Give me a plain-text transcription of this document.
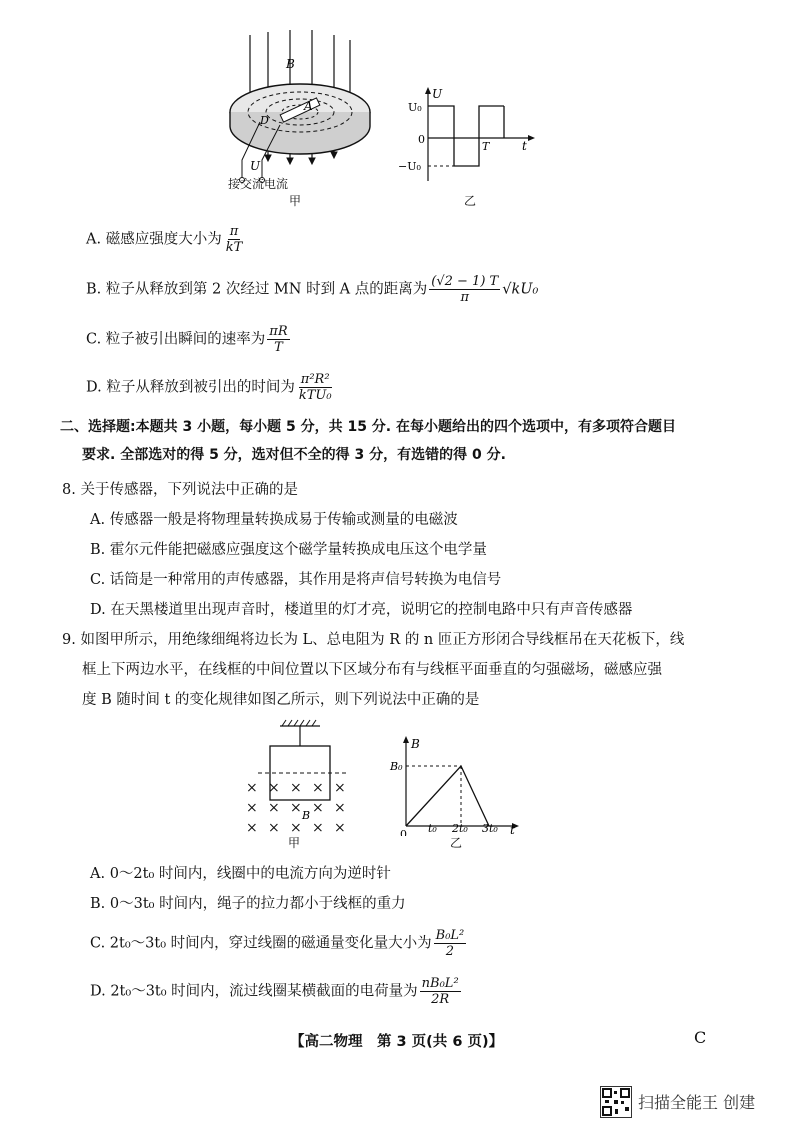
B
A
D
U
接交流电流
甲
U
t
U₀
−U₀
0
T
乙
A. 磁感应强度大小为 $\frac{\pi}{kT}$
B. 粒子从释放到第 2 次经过 MN 时到 A 点的距离为 $\frac{(√2 - 1) T}{\pi} √kU_0$
C. 粒子被引出瞬间的速率为 $\frac{\pi R}{T}$
D. 粒子从释放到被引出的时间为 $\frac{\text{π²R²}}{\text{kTU₀}}$
二、选择题:本题共 3 小题，每小题 5 分，共 15 分. 在每小题给出的四个选项中，有多项符合题目
要求. 全部选对的得 5 分，选对但不全的得 3 分，有选错的得 0 分.
8. 关于传感器，下列说法中正确的是
A. 传感器一般是将物理量转换成易于传输或测量的电磁波
B. 霍尔元件能把磁感应强度这个磁学量转换成电压这个电学量
C. 话筒是一种常用的声传感器，其作用是将声信号转换为电信号
D. 在天黑楼道里出现声音时，楼道里的灯才亮，说明它的控制电路中只有声音传感器
9. 如图甲所示，用绝缘细绳将边长为 L、总电阻为 R 的 n 匝正方形闭合导线框吊在天花板下，线
框上下两边水平，在线框的中间位置以下区域分布有与线框平面垂直的匀强磁场，磁感应强
度 B 随时间 t 的变化规律如图乙所示，则下列说法中正确的是
× × × × ×
× × × × ×
× × × × ×
B
甲
B
B₀
0 t₀ 2t₀ 3t₀ t
乙
A. 0～2t₀ 时间内，线圈中的电流方向为逆时针
B. 0～3t₀ 时间内，绳子的拉力都小于线框的重力
C. 2t₀～3t₀ 时间内，穿过线圈的磁通量变化量大小为 $\frac{\text{B₀L²}}{2}$
D. 2t₀～3t₀ 时间内，流过线圈某横截面的电荷量为 $\frac{\text{nB₀L²}}{2R}$
【高二物理　第 3 页(共 6 页)】	C
扫描全能王 创建
